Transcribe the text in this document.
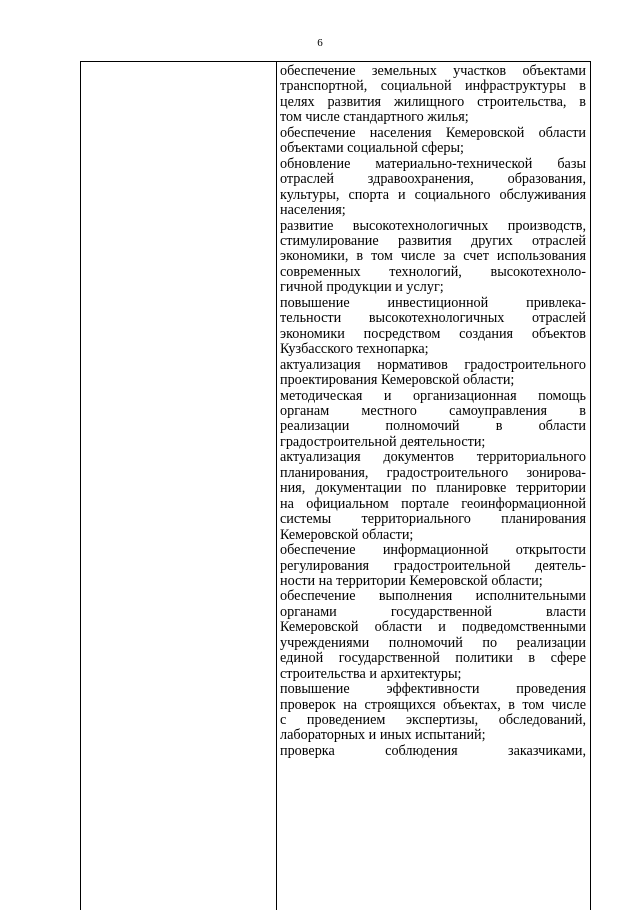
6
обеспечение земельных участков объектами
транспортной, социальной инфраструктуры в
целях развития жилищного строительства, в
том числе стандартного жилья;
обеспечение населения Кемеровской области
объектами социальной сферы;
обновление материально-технической базы
отраслей здравоохранения, образования,
культуры, спорта и социального обслуживания
населения;
развитие высокотехнологичных производств,
стимулирование развития других отраслей
экономики, в том числе за счет использования
современных технологий, высокотехноло-
гичной продукции и услуг;
повышение инвестиционной привлека-
тельности высокотехнологичных отраслей
экономики посредством создания объектов
Кузбасского технопарка;
актуализация нормативов градостроительного
проектирования Кемеровской области;
методическая и организационная помощь
органам местного самоуправления в
реализации полномочий в области
градостроительной деятельности;
актуализация документов территориального
планирования, градостроительного зонирова-
ния, документации по планировке территории
на официальном портале геоинформационной
системы территориального планирования
Кемеровской области;
обеспечение информационной открытости
регулирования градостроительной деятель-
ности на территории Кемеровской области;
обеспечение выполнения исполнительными
органами государственной власти
Кемеровской области и подведомственными
учреждениями полномочий по реализации
единой государственной политики в сфере
строительства и архитектуры;
повышение эффективности проведения
проверок на строящихся объектах, в том числе
с проведением экспертизы, обследований,
лабораторных и иных испытаний;
проверка соблюдения заказчиками,
